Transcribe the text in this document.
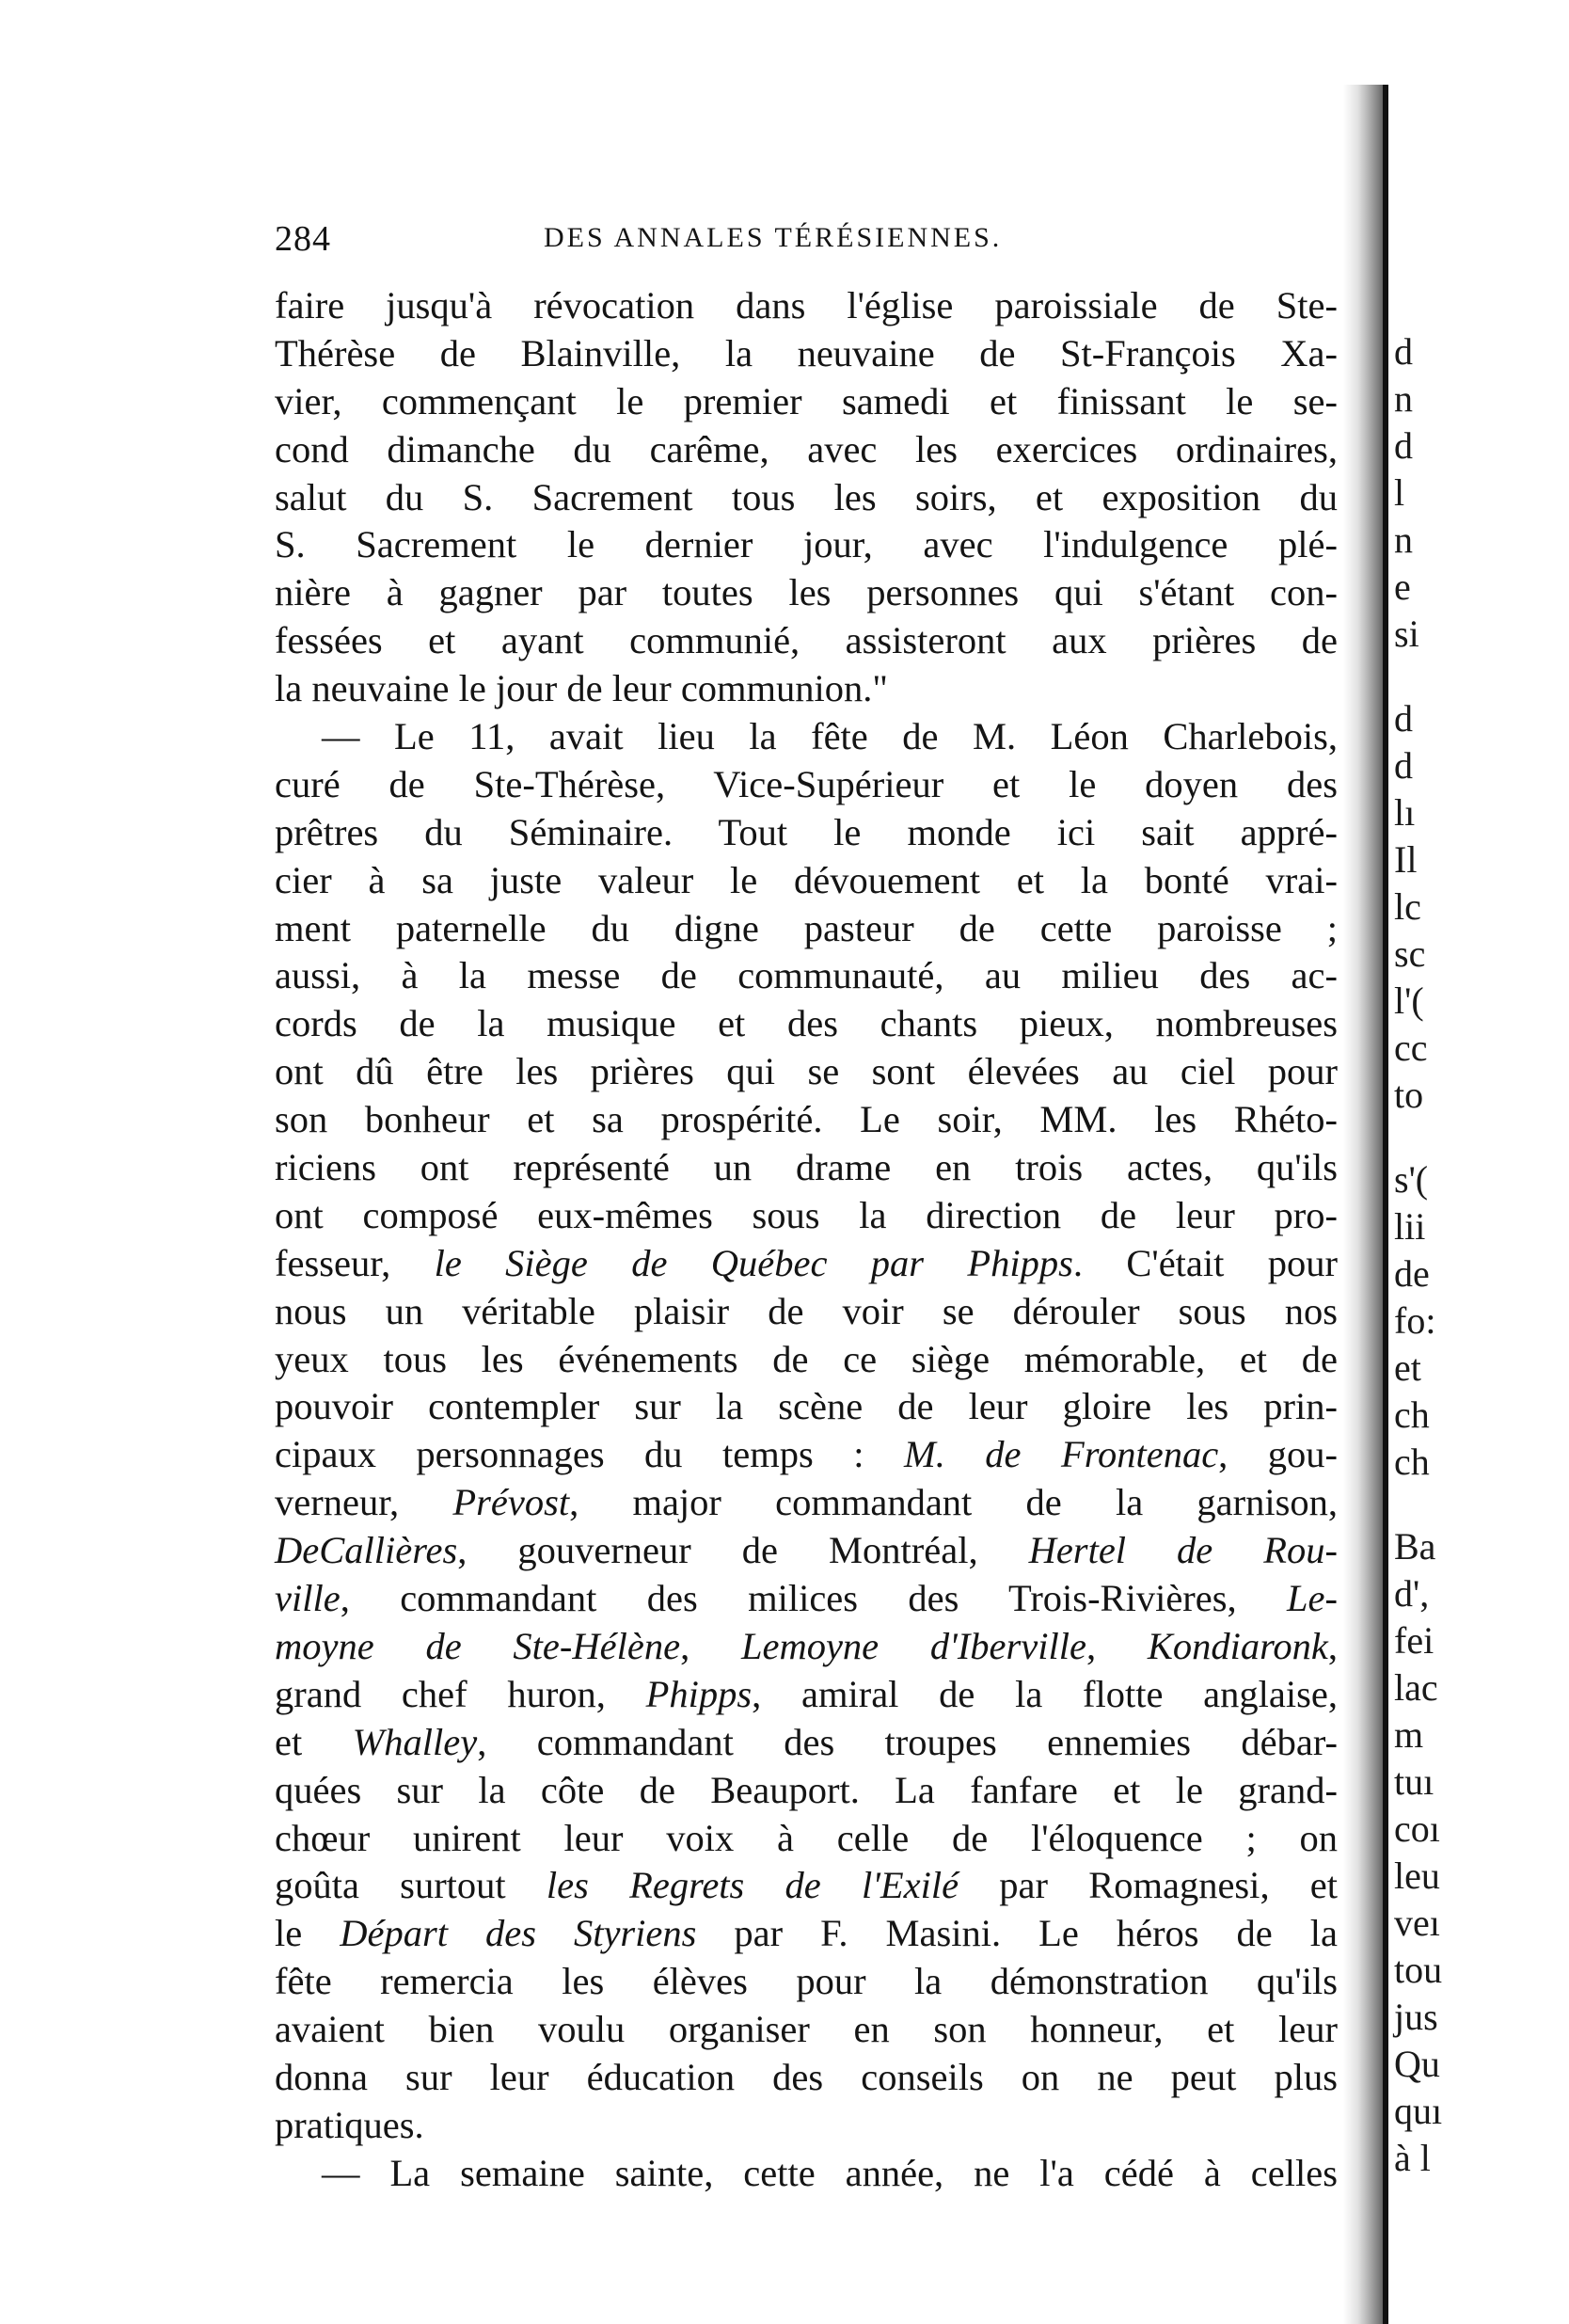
284	DES ANNALES TÉRÉSIENNES.
faire jusqu'à révocation dans l'église paroissiale de Ste-
Thérèse de Blainville, la neuvaine de St-François Xa-
vier, commençant le premier samedi et finissant le se-
cond dimanche du carême, avec les exercices ordinaires,
salut du S. Sacrement tous les soirs, et exposition du
S. Sacrement le dernier jour, avec l'indulgence plé-
nière à gagner par toutes les personnes qui s'étant con-
fessées et ayant communié, assisteront aux prières de
la neuvaine le jour de leur communion."
— Le 11, avait lieu la fête de M. Léon Charlebois,
curé de Ste-Thérèse, Vice-Supérieur et le doyen des
prêtres du Séminaire. Tout le monde ici sait appré-
cier à sa juste valeur le dévouement et la bonté vrai-
ment paternelle du digne pasteur de cette paroisse ;
aussi, à la messe de communauté, au milieu des ac-
cords de la musique et des chants pieux, nombreuses
ont dû être les prières qui se sont élevées au ciel pour
son bonheur et sa prospérité. Le soir, MM. les Rhéto-
riciens ont représenté un drame en trois actes, qu'ils
ont composé eux-mêmes sous la direction de leur pro-
fesseur, le Siège de Québec par Phipps. C'était pour
nous un véritable plaisir de voir se dérouler sous nos
yeux tous les événements de ce siège mémorable, et de
pouvoir contempler sur la scène de leur gloire les prin-
cipaux personnages du temps : M. de Frontenac, gou-
verneur, Prévost, major commandant de la garnison,
DeCallières, gouverneur de Montréal, Hertel de Rou-
ville, commandant des milices des Trois-Rivières, Le-
moyne de Ste-Hélène, Lemoyne d'Iberville, Kondiaronk,
grand chef huron, Phipps, amiral de la flotte anglaise,
et Whalley, commandant des troupes ennemies débar-
quées sur la côte de Beauport. La fanfare et le grand-
chœur unirent leur voix à celle de l'éloquence ; on
goûta surtout les Regrets de l'Exilé par Romagnesi, et
le Départ des Styriens par F. Masini. Le héros de la
fête remercia les élèves pour la démonstration qu'ils
avaient bien voulu organiser en son honneur, et leur
donna sur leur éducation des conseils on ne peut plus
pratiques.
— La semaine sainte, cette année, ne l'a cédé à celles
d
n
d
l
n
e
si
d
d
lı
Il
lc
sc
l'(
cc
to
s'(
lii
de
fo:
et
ch
ch
Ba
d',
fei
lac
m
tuı
coı
leu
veı
tou
jus
Qu
quı
à l
